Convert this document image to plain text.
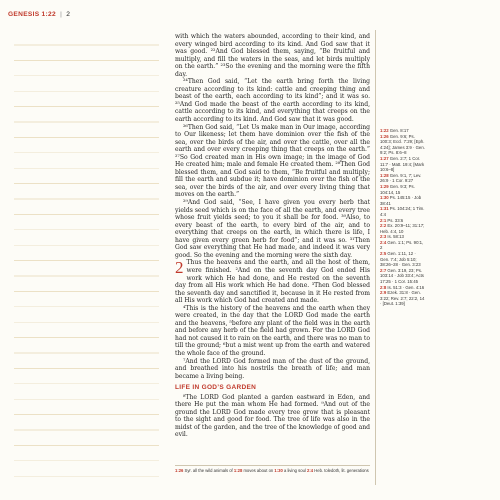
GENESIS 1:22 | 2

with which the waters abounded, according to their kind, and every winged bird according to its kind. And God saw that it was good. ²²And God blessed them, saying, “Be fruitful and multiply, and fill the waters in the seas, and let birds multiply on the earth.” ²³So the evening and the morning were the fifth day.

²⁴Then God said, “Let the earth bring forth the living creature according to its kind: cattle and creeping thing and beast of the earth, each according to its kind”; and it was so. ²⁵And God made the beast of the earth according to its kind, cattle according to its kind, and everything that creeps on the earth according to its kind. And God saw that it was good.

²⁶Then God said, “Let Us make man in Our image, according to Our likeness; let them have dominion over the fish of the sea, over the birds of the air, and over the cattle, over all the earth and over every creeping thing that creeps on the earth.” ²⁷So God created man in His own image; in the image of God He created him; male and female He created them. ²⁸Then God blessed them, and God said to them, “Be fruitful and multiply; fill the earth and subdue it; have dominion over the fish of the sea, over the birds of the air, and over every living thing that moves on the earth.”

²⁹And God said, “See, I have given you every herb that yields seed which is on the face of all the earth, and every tree whose fruit yields seed; to you it shall be for food. ³⁰Also, to every beast of the earth, to every bird of the air, and to everything that creeps on the earth, in which there is life, I have given every green herb for food”; and it was so. ³¹Then God saw everything that He had made, and indeed it was very good. So the evening and the morning were the sixth day.

2 Thus the heavens and the earth, and all the host of them, were finished. ²And on the seventh day God ended His work which He had done, and He rested on the seventh day from all His work which He had done. ³Then God blessed the seventh day and sanctified it, because in it He rested from all His work which God had created and made.

⁴This is the history of the heavens and the earth when they were created, in the day that the LORD God made the earth and the heavens, ⁵before any plant of the field was in the earth and before any herb of the field had grown. For the LORD God had not caused it to rain on the earth, and there was no man to till the ground; ⁶but a mist went up from the earth and watered the whole face of the ground.

⁷And the LORD God formed man of the dust of the ground, and breathed into his nostrils the breath of life; and man became a living being.

LIFE IN GOD’S GARDEN

⁸The LORD God planted a garden eastward in Eden, and there He put the man whom He had formed. ⁹And out of the ground the LORD God made every tree grow that is pleasant to the sight and good for food. The tree of life was also in the midst of the garden, and the tree of the knowledge of good and evil.

1:22 Gen. 8:17
1:26 Gen. 9:6; Ps. 100:3; Eccl. 7:29; [Eph. 4:24]; James 3:9 · Gen. 9:2; Ps. 8:6–8
1:27 Gen. 2:7; 1 Cor. 11:7 · Matt. 19:4; [Mark 10:6–8]
1:28 Gen. 9:1, 7; Lev. 26:9 · 1 Cor. 9:27
1:29 Gen. 9:3; Ps. 104:14, 15
1:30 Ps. 145:15 · Job 38:41
1:31 Ps. 104:24; 1 Tim. 4:4
2:1 Ps. 33:6
2:2 Ex. 20:9–11; 31:17; Heb. 4:4, 10
2:3 Is. 58:13
2:4 Gen. 1:1; Ps. 90:1, 2
2:5 Gen. 1:11, 12 · Gen. 7:4; Job 5:10; 38:26–28 · Gen. 3:23
2:7 Gen. 3:19, 23; Ps. 103:14 · Job 33:4; Acts 17:25 · 1 Cor. 15:45
2:8 Is. 51:3 · Gen. 4:16
2:9 Ezek. 31:8 · Gen. 3:22; Rev. 2:7; 22:2, 14 · [Deut. 1:39]
1:26 Syr. all the wild animals of 1:28 moves about on 1:30 a living soul 2:4 Heb. toledoth, lit. generations
